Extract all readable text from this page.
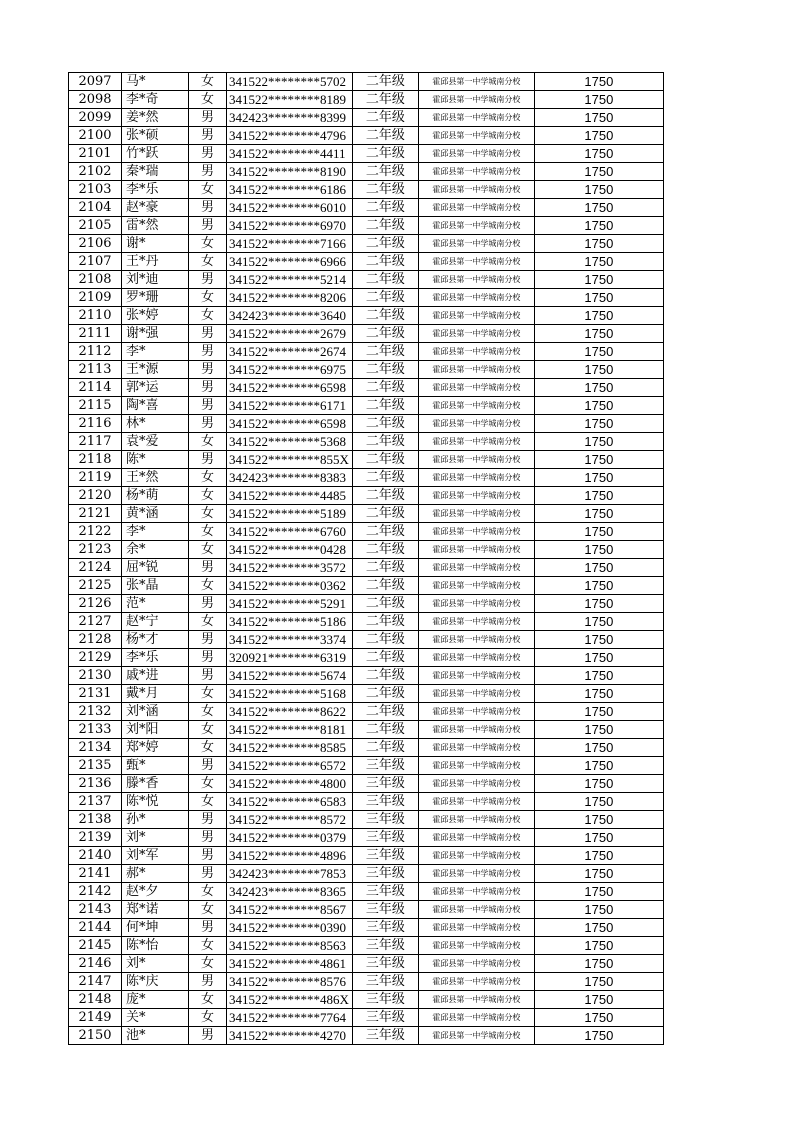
2097	马*	女	341522********5702	二年级	霍邱县第一中学城南分校	1750
2098	李*奇	女	341522********8189	二年级	霍邱县第一中学城南分校	1750
2099	姜*然	男	342423********8399	二年级	霍邱县第一中学城南分校	1750
2100	张*硕	男	341522********4796	二年级	霍邱县第一中学城南分校	1750
2101	竹*跃	男	341522********4411	二年级	霍邱县第一中学城南分校	1750
2102	秦*瑞	男	341522********8190	二年级	霍邱县第一中学城南分校	1750
2103	李*乐	女	341522********6186	二年级	霍邱县第一中学城南分校	1750
2104	赵*豪	男	341522********6010	二年级	霍邱县第一中学城南分校	1750
2105	雷*然	男	341522********6970	二年级	霍邱县第一中学城南分校	1750
2106	谢*	女	341522********7166	二年级	霍邱县第一中学城南分校	1750
2107	王*丹	女	341522********6966	二年级	霍邱县第一中学城南分校	1750
2108	刘*迪	男	341522********5214	二年级	霍邱县第一中学城南分校	1750
2109	罗*珊	女	341522********8206	二年级	霍邱县第一中学城南分校	1750
2110	张*婷	女	342423********3640	二年级	霍邱县第一中学城南分校	1750
2111	谢*强	男	341522********2679	二年级	霍邱县第一中学城南分校	1750
2112	李*	男	341522********2674	二年级	霍邱县第一中学城南分校	1750
2113	王*源	男	341522********6975	二年级	霍邱县第一中学城南分校	1750
2114	郭*运	男	341522********6598	二年级	霍邱县第一中学城南分校	1750
2115	陶*喜	男	341522********6171	二年级	霍邱县第一中学城南分校	1750
2116	林*	男	341522********6598	二年级	霍邱县第一中学城南分校	1750
2117	袁*爱	女	341522********5368	二年级	霍邱县第一中学城南分校	1750
2118	陈*	男	341522********855X	二年级	霍邱县第一中学城南分校	1750
2119	王*然	女	342423********8383	二年级	霍邱县第一中学城南分校	1750
2120	杨*萌	女	341522********4485	二年级	霍邱县第一中学城南分校	1750
2121	黄*涵	女	341522********5189	二年级	霍邱县第一中学城南分校	1750
2122	李*	女	341522********6760	二年级	霍邱县第一中学城南分校	1750
2123	余*	女	341522********0428	二年级	霍邱县第一中学城南分校	1750
2124	屈*锐	男	341522********3572	二年级	霍邱县第一中学城南分校	1750
2125	张*晶	女	341522********0362	二年级	霍邱县第一中学城南分校	1750
2126	范*	男	341522********5291	二年级	霍邱县第一中学城南分校	1750
2127	赵*宁	女	341522********5186	二年级	霍邱县第一中学城南分校	1750
2128	杨*才	男	341522********3374	二年级	霍邱县第一中学城南分校	1750
2129	李*乐	男	320921********6319	二年级	霍邱县第一中学城南分校	1750
2130	戚*进	男	341522********5674	二年级	霍邱县第一中学城南分校	1750
2131	戴*月	女	341522********5168	二年级	霍邱县第一中学城南分校	1750
2132	刘*涵	女	341522********8622	二年级	霍邱县第一中学城南分校	1750
2133	刘*阳	女	341522********8181	二年级	霍邱县第一中学城南分校	1750
2134	郑*婷	女	341522********8585	二年级	霍邱县第一中学城南分校	1750
2135	甄*	男	341522********6572	三年级	霍邱县第一中学城南分校	1750
2136	滕*香	女	341522********4800	三年级	霍邱县第一中学城南分校	1750
2137	陈*悦	女	341522********6583	三年级	霍邱县第一中学城南分校	1750
2138	孙*	男	341522********8572	三年级	霍邱县第一中学城南分校	1750
2139	刘*	男	341522********0379	三年级	霍邱县第一中学城南分校	1750
2140	刘*军	男	341522********4896	三年级	霍邱县第一中学城南分校	1750
2141	郝*	男	342423********7853	三年级	霍邱县第一中学城南分校	1750
2142	赵*夕	女	342423********8365	三年级	霍邱县第一中学城南分校	1750
2143	郑*诺	女	341522********8567	三年级	霍邱县第一中学城南分校	1750
2144	何*坤	男	341522********0390	三年级	霍邱县第一中学城南分校	1750
2145	陈*怡	女	341522********8563	三年级	霍邱县第一中学城南分校	1750
2146	刘*	女	341522********4861	三年级	霍邱县第一中学城南分校	1750
2147	陈*庆	男	341522********8576	三年级	霍邱县第一中学城南分校	1750
2148	庞*	女	341522********486X	三年级	霍邱县第一中学城南分校	1750
2149	关*	女	341522********7764	三年级	霍邱县第一中学城南分校	1750
2150	池*	男	341522********4270	三年级	霍邱县第一中学城南分校	1750
